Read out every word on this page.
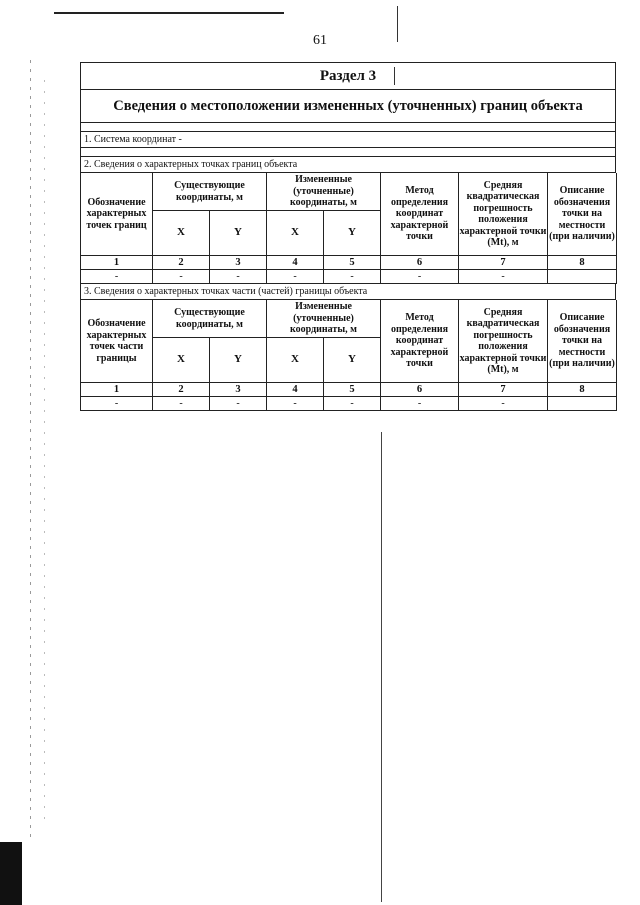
61
Раздел 3
Сведения о местоположении измененных (уточненных) границ объекта
1. Система координат -
2. Сведения о характерных точках границ объекта
Обозначение характерных точек границ	Существующие координаты, м		Измененные (уточненные) координаты, м		Метод определения координат характерной точки	Средняя квадратическая погрешность положения характерной точки (Mt), м	Описание обозначения точки на местности (при наличии)
	X	Y	X	Y			
1	2	3	4	5	6	7	8
-	-	-	-	-	-	-	
3. Сведения о характерных точках части (частей) границы объекта
Обозначение характерных точек части границы	Существующие координаты, м		Измененные (уточненные) координаты, м		Метод определения координат характерной точки	Средняя квадратическая погрешность положения характерной точки (Mt), м	Описание обозначения точки на местности (при наличии)
	X	Y	X	Y			
1	2	3	4	5	6	7	8
-	-	-	-	-	-	-	
